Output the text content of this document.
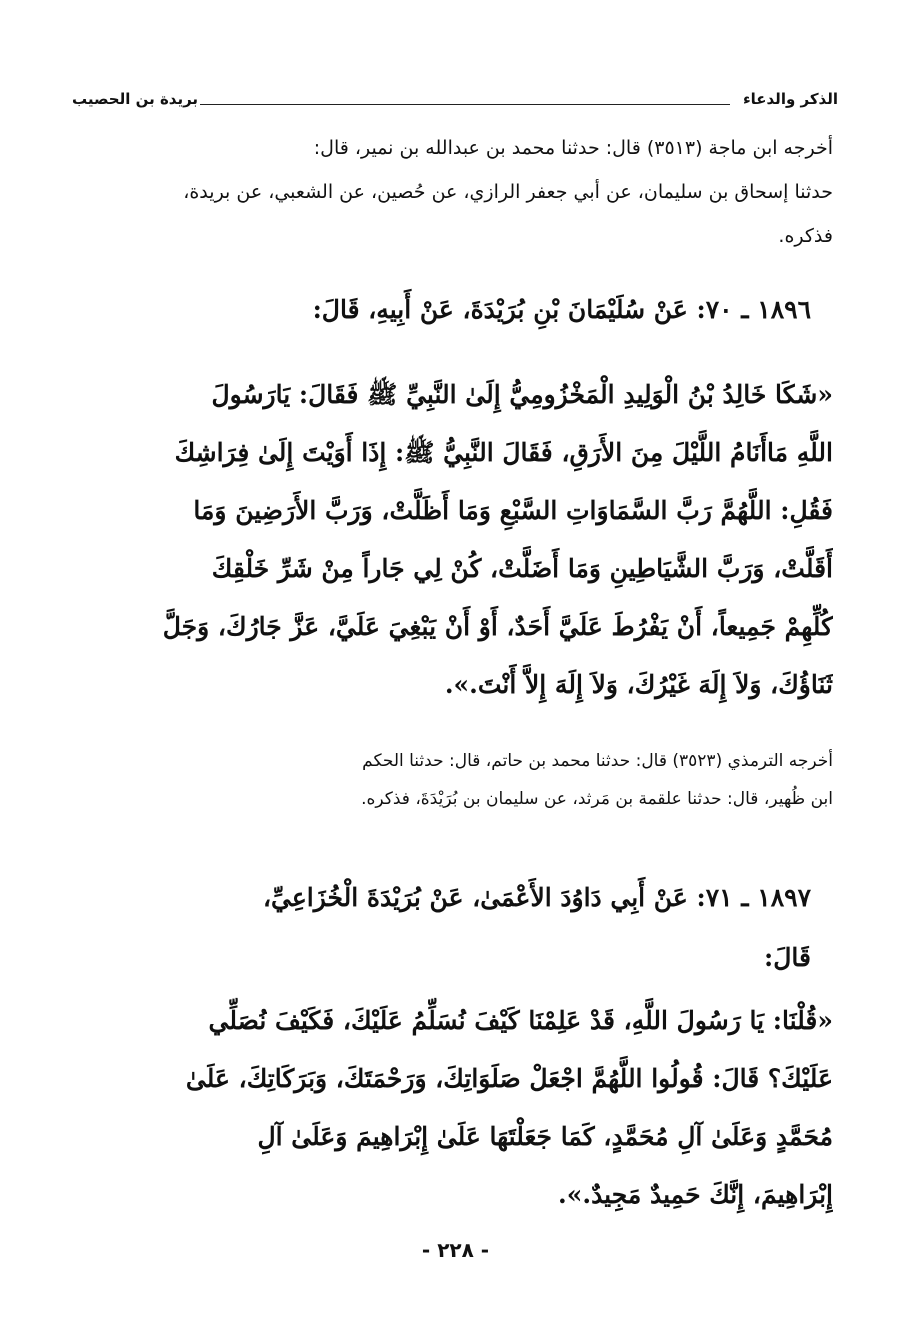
الذكر والدعاء
بريدة بن الحصيب
أخرجه ابن ماجة (٣٥١٣) قال: حدثنا محمد بن عبدالله بن نمير، قال:
حدثنا إسحاق بن سليمان، عن أبي جعفر الرازي، عن حُصين، عن الشعبي، عن بريدة،
فذكره.
١٨٩٦ ـ ٧٠: عَنْ سُلَيْمَانَ بْنِ بُرَيْدَةَ، عَنْ أَبِيهِ، قَالَ:
«شَكَا خَالِدُ بْنُ الْوَلِيدِ الْمَخْزُومِيُّ إِلَىٰ النَّبِيِّ ﷺ فَقَالَ: يَارَسُولَ
اللَّهِ مَاأَنَامُ اللَّيْلَ مِنَ الأَرَقِ، فَقَالَ النَّبِيُّ ﷺ: إِذَا أَوَيْتَ إِلَىٰ فِرَاشِكَ
فَقُلِ: اللَّهُمَّ رَبَّ السَّمَاوَاتِ السَّبْعِ وَمَا أَظَلَّتْ، وَرَبَّ الأَرَضِينَ وَمَا
أَقَلَّتْ، وَرَبَّ الشَّيَاطِينِ وَمَا أَضَلَّتْ، كُنْ لِي جَاراً مِنْ شَرِّ خَلْقِكَ
كُلِّهِمْ جَمِيعاً، أَنْ يَفْرُطَ عَلَيَّ أَحَدٌ، أَوْ أَنْ يَبْغِيَ عَلَيَّ، عَزَّ جَارُكَ، وَجَلَّ
ثَنَاؤُكَ، وَلاَ إِلَهَ غَيْرُكَ، وَلاَ إِلَهَ إِلاَّ أَنْتَ.».
أخرجه الترمذي (٣٥٢٣) قال: حدثنا محمد بن حاتم، قال: حدثنا الحكم
ابن ظُهير، قال: حدثنا علقمة بن مَرثد، عن سليمان بن بُرَيْدَةَ، فذكره.
١٨٩٧ ـ ٧١: عَنْ أَبِي دَاوُدَ الأَعْمَىٰ، عَنْ بُرَيْدَةَ الْخُزَاعِيِّ،
قَالَ:
«قُلْنَا: يَا رَسُولَ اللَّهِ، قَدْ عَلِمْنَا كَيْفَ نُسَلِّمُ عَلَيْكَ، فَكَيْفَ نُصَلِّي
عَلَيْكَ؟ قَالَ: قُولُوا اللَّهُمَّ اجْعَلْ صَلَوَاتِكَ، وَرَحْمَتَكَ، وَبَرَكَاتِكَ، عَلَىٰ
مُحَمَّدٍ وَعَلَىٰ آلِ مُحَمَّدٍ، كَمَا جَعَلْتَهَا عَلَىٰ إِبْرَاهِيمَ وَعَلَىٰ آلِ
إِبْرَاهِيمَ، إِنَّكَ حَمِيدٌ مَجِيدٌ.».
- ٢٢٨ -
